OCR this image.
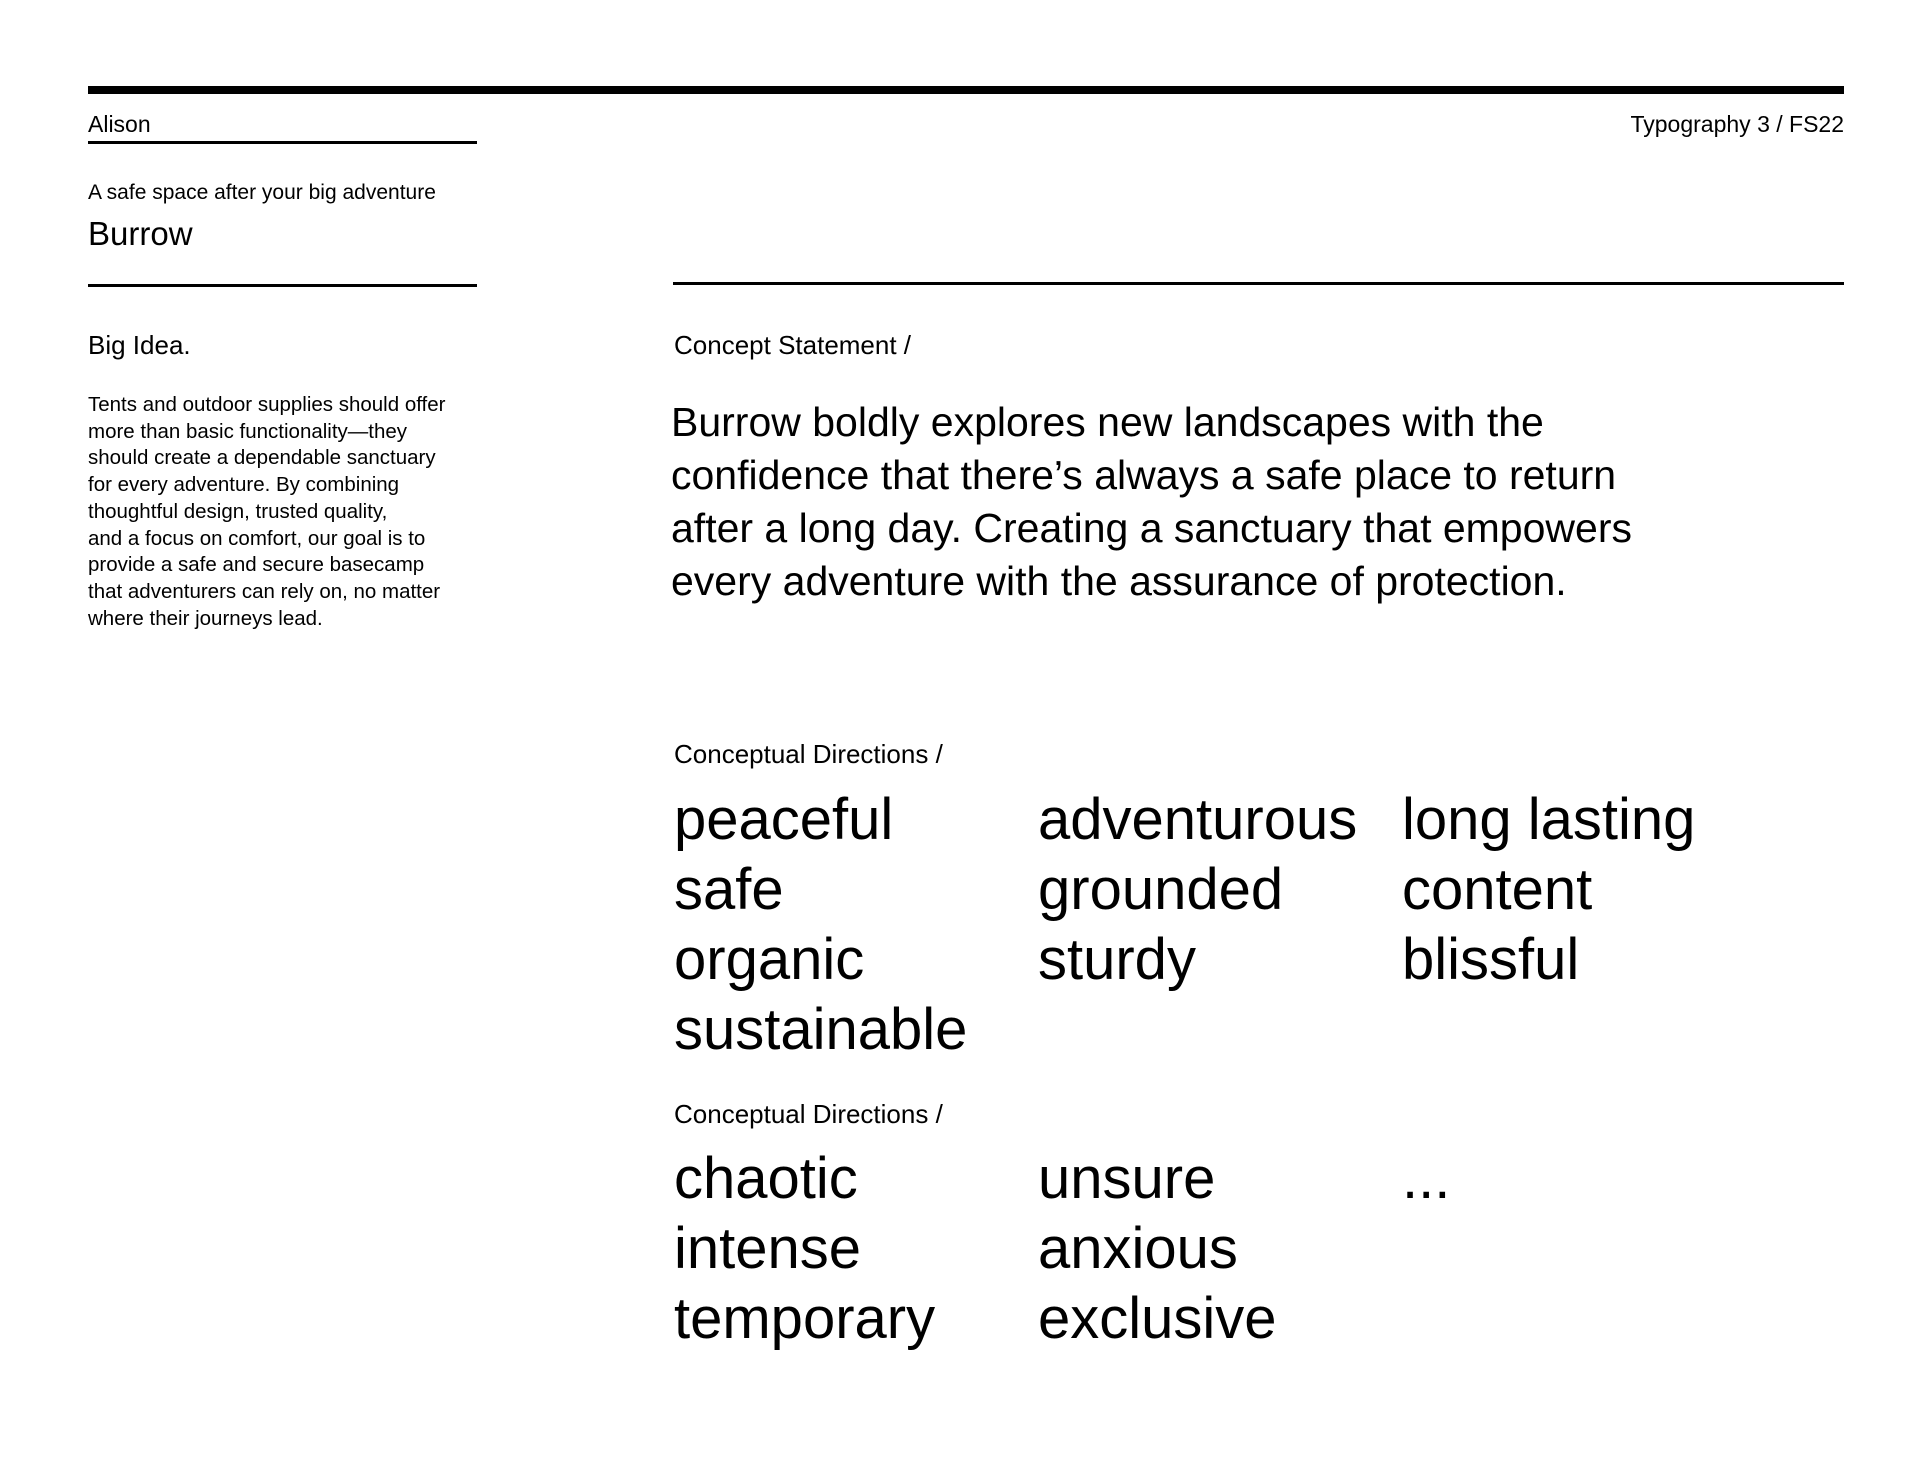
Alison	Typography 3 / FS22
A safe space after your big adventure
Burrow
Big Idea.
Tents and outdoor supplies should offer
more than basic functionality—they
should create a dependable sanctuary
for every adventure. By combining
thoughtful design, trusted quality,
and a focus on comfort, our goal is to
provide a safe and secure basecamp
that adventurers can rely on, no matter
where their journeys lead.
Concept Statement /
Burrow boldly explores new landscapes with the
confidence that there’s always a safe place to return
after a long day. Creating a sanctuary that empowers
every adventure with the assurance of protection.
Conceptual Directions /
peaceful
safe
organic
sustainable
adventurous
grounded
sturdy
long lasting
content
blissful
Conceptual Directions /
chaotic
intense
temporary
unsure
anxious
exclusive
...
